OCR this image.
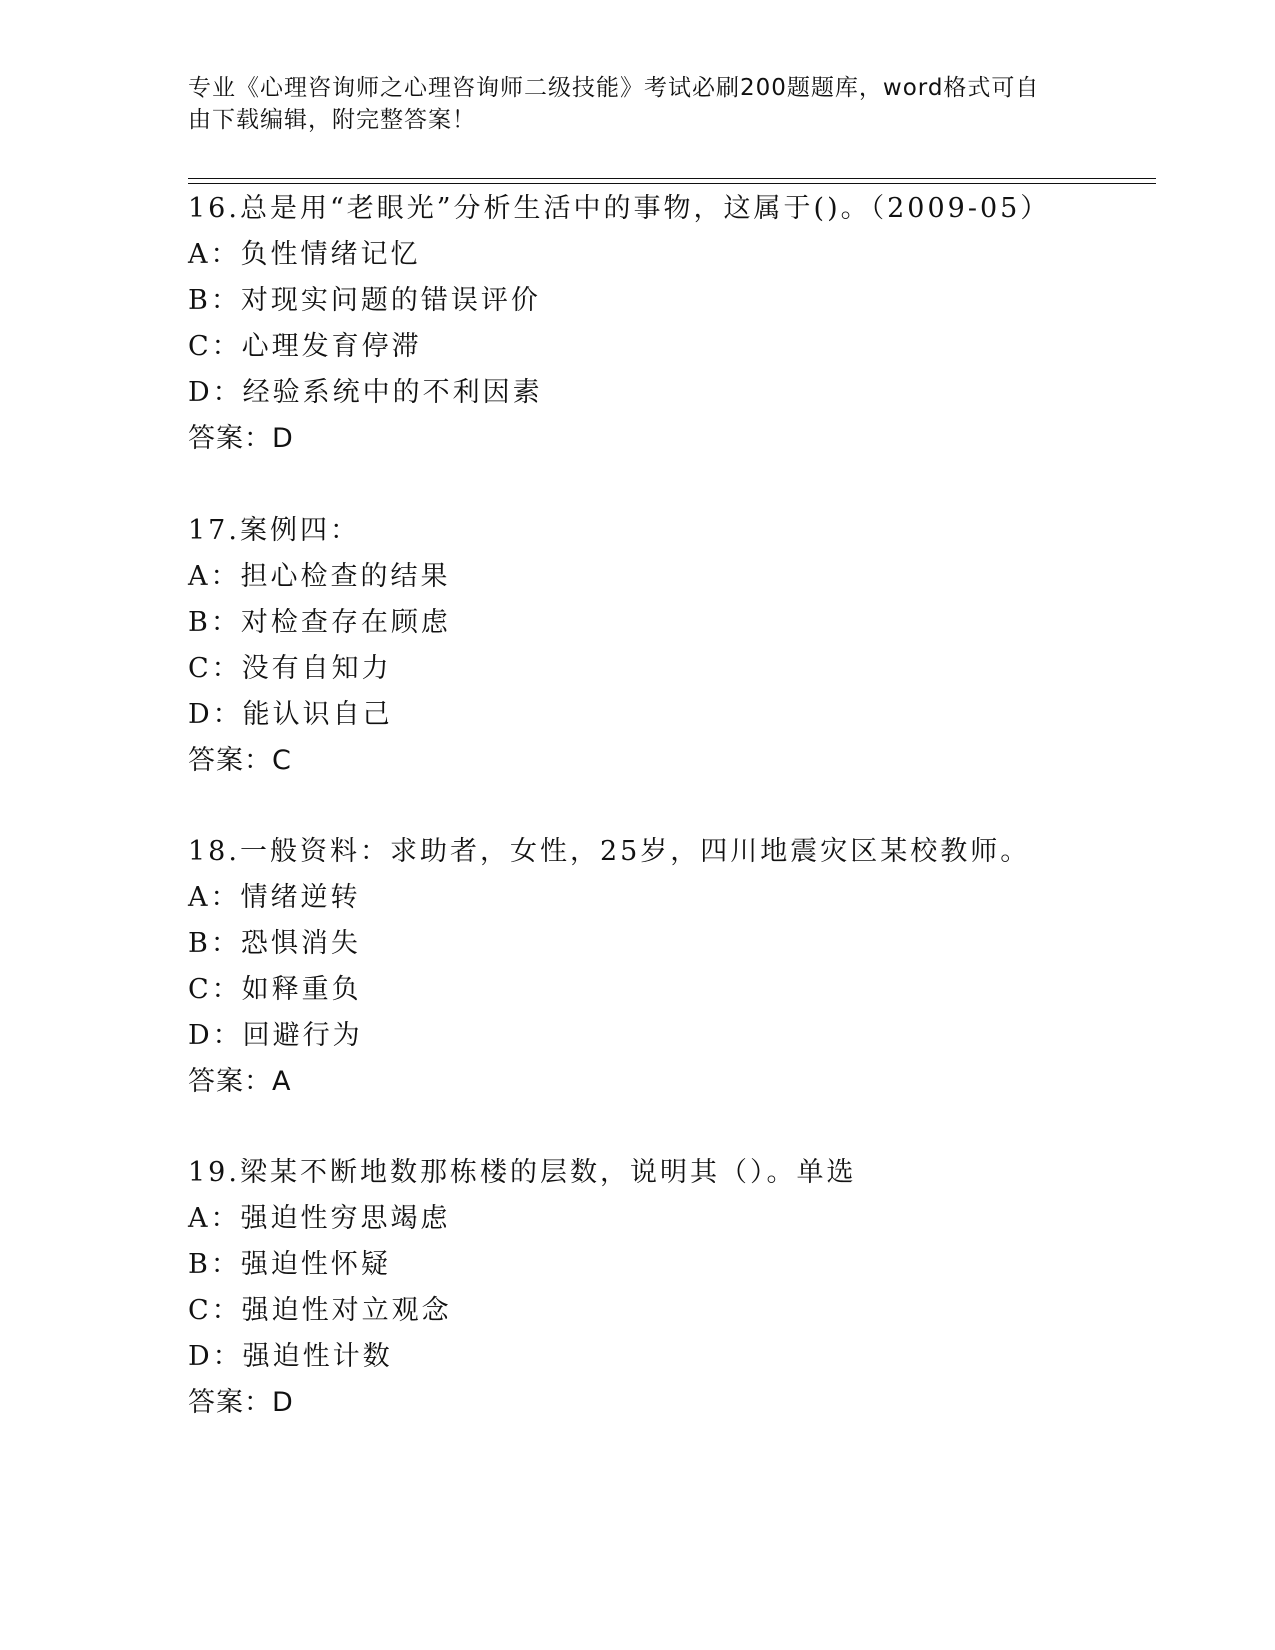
专业《心理咨询师之心理咨询师二级技能》考试必刷200题题库，word格式可自
由下载编辑，附完整答案！
16.总是用“老眼光”分析生活中的事物，这属于()。（2009-05）
A：负性情绪记忆
B：对现实问题的错误评价
C：心理发育停滞
D：经验系统中的不利因素
答案：D
17.案例四：
A：担心检查的结果
B：对检查存在顾虑
C：没有自知力
D：能认识自己
答案：C
18.一般资料：求助者，女性，25岁，四川地震灾区某校教师。
A：情绪逆转
B：恐惧消失
C：如释重负
D：回避行为
答案：A
19.梁某不断地数那栋楼的层数，说明其（）。单选
A：强迫性穷思竭虑
B：强迫性怀疑
C：强迫性对立观念
D：强迫性计数
答案：D
